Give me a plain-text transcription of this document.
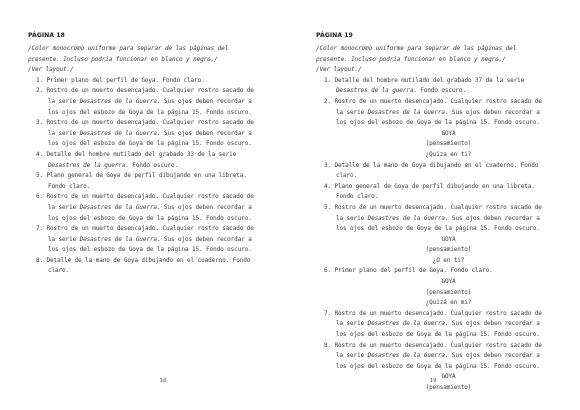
PÁGINA 18
/Color monocromo uniforme para separar de las páginas del
presente. Incluso podría funcionar en blanco y negro./
/Ver layout./
1. Primer plano del perfil de Goya. Fondo claro.
2. Rostro de un muerto desencajado. Cualquier rostro sacado de
la serie Desastres de la Guerra. Sus ojos deben recordar a
los ojos del esbozo de Goya de la página 15. Fondo oscuro.
3. Rostro de un muerto desencajado. Cualquier rostro sacado de
la serie Desastres de la Guerra. Sus ojos deben recordar a
los ojos del esbozo de Goya de la página 15. Fondo oscuro.
4. Detalle del hombre mutilado del grabado 33 de la serie
Desastres de la guerra. Fondo oscuro.
5. Plano general de Goya de perfil dibujando en una libreta.
Fondo claro.
6. Rostro de un muerto desencajado. Cualquier rostro sacado de
la serie Desastres de la Guerra. Sus ojos deben recordar a
los ojos del esbozo de Goya de la página 15. Fondo oscuro.
7. Rostro de un muerto desencajado. Cualquier rostro sacado de
la serie Desastres de la Guerra. Sus ojos deben recordar a
los ojos del esbozo de Goya de la página 15. Fondo oscuro.
8. Detalle de la mano de Goya dibujando en el cuaderno. Fondo
claro.
18
PÁGINA 19
/Color monocromo uniforme para separar de las páginas del
presente. Incluso podría funcionar en blanco y negro./
/Ver layout./
1. Detalle del hombre mutilado del grabado 37 de la serie
Desastres de la guerra. Fondo oscuro.
2. Rostro de un muerto desencajado. Cualquier rostro sacado de
la serie Desastres de la Guerra. Sus ojos deben recordar a
los ojos del esbozo de Goya de la página 15. Fondo oscuro.
GOYA
(pensamiento)
¿Quiza en ti?
3. Detalle de la mano de Goya dibujando en el cuaderno. Fondo
claro.
4. Plano general de Goya de perfil dibujando en una libreta.
Fondo claro.
5. Rostro de un muerto desencajado. Cualquier rostro sacado de
la serie Desastres de la Guerra. Sus ojos deben recordar a
los ojos del esbozo de Goya de la página 15. Fondo oscuro.
GOYA
(pensamiento)
¿O en ti?
6. Primer plano del perfil de Goya. Fondo claro.
GOYA
(pensamiento)
¿Quizá en mi?
7. Rostro de un muerto desencajado. Cualquier rostro sacado de
la serie Desastres de la Guerra. Sus ojos deben recordar a
los ojos del esbozo de Goya de la página 15. Fondo oscuro.
8. Rostro de un muerto desencajado. Cualquier rostro sacado de
la serie Desastres de la Guerra. Sus ojos deben recordar a
los ojos del esbozo de Goya de la página 15. Fondo oscuro.
GOYA
(pensamiento)
19
